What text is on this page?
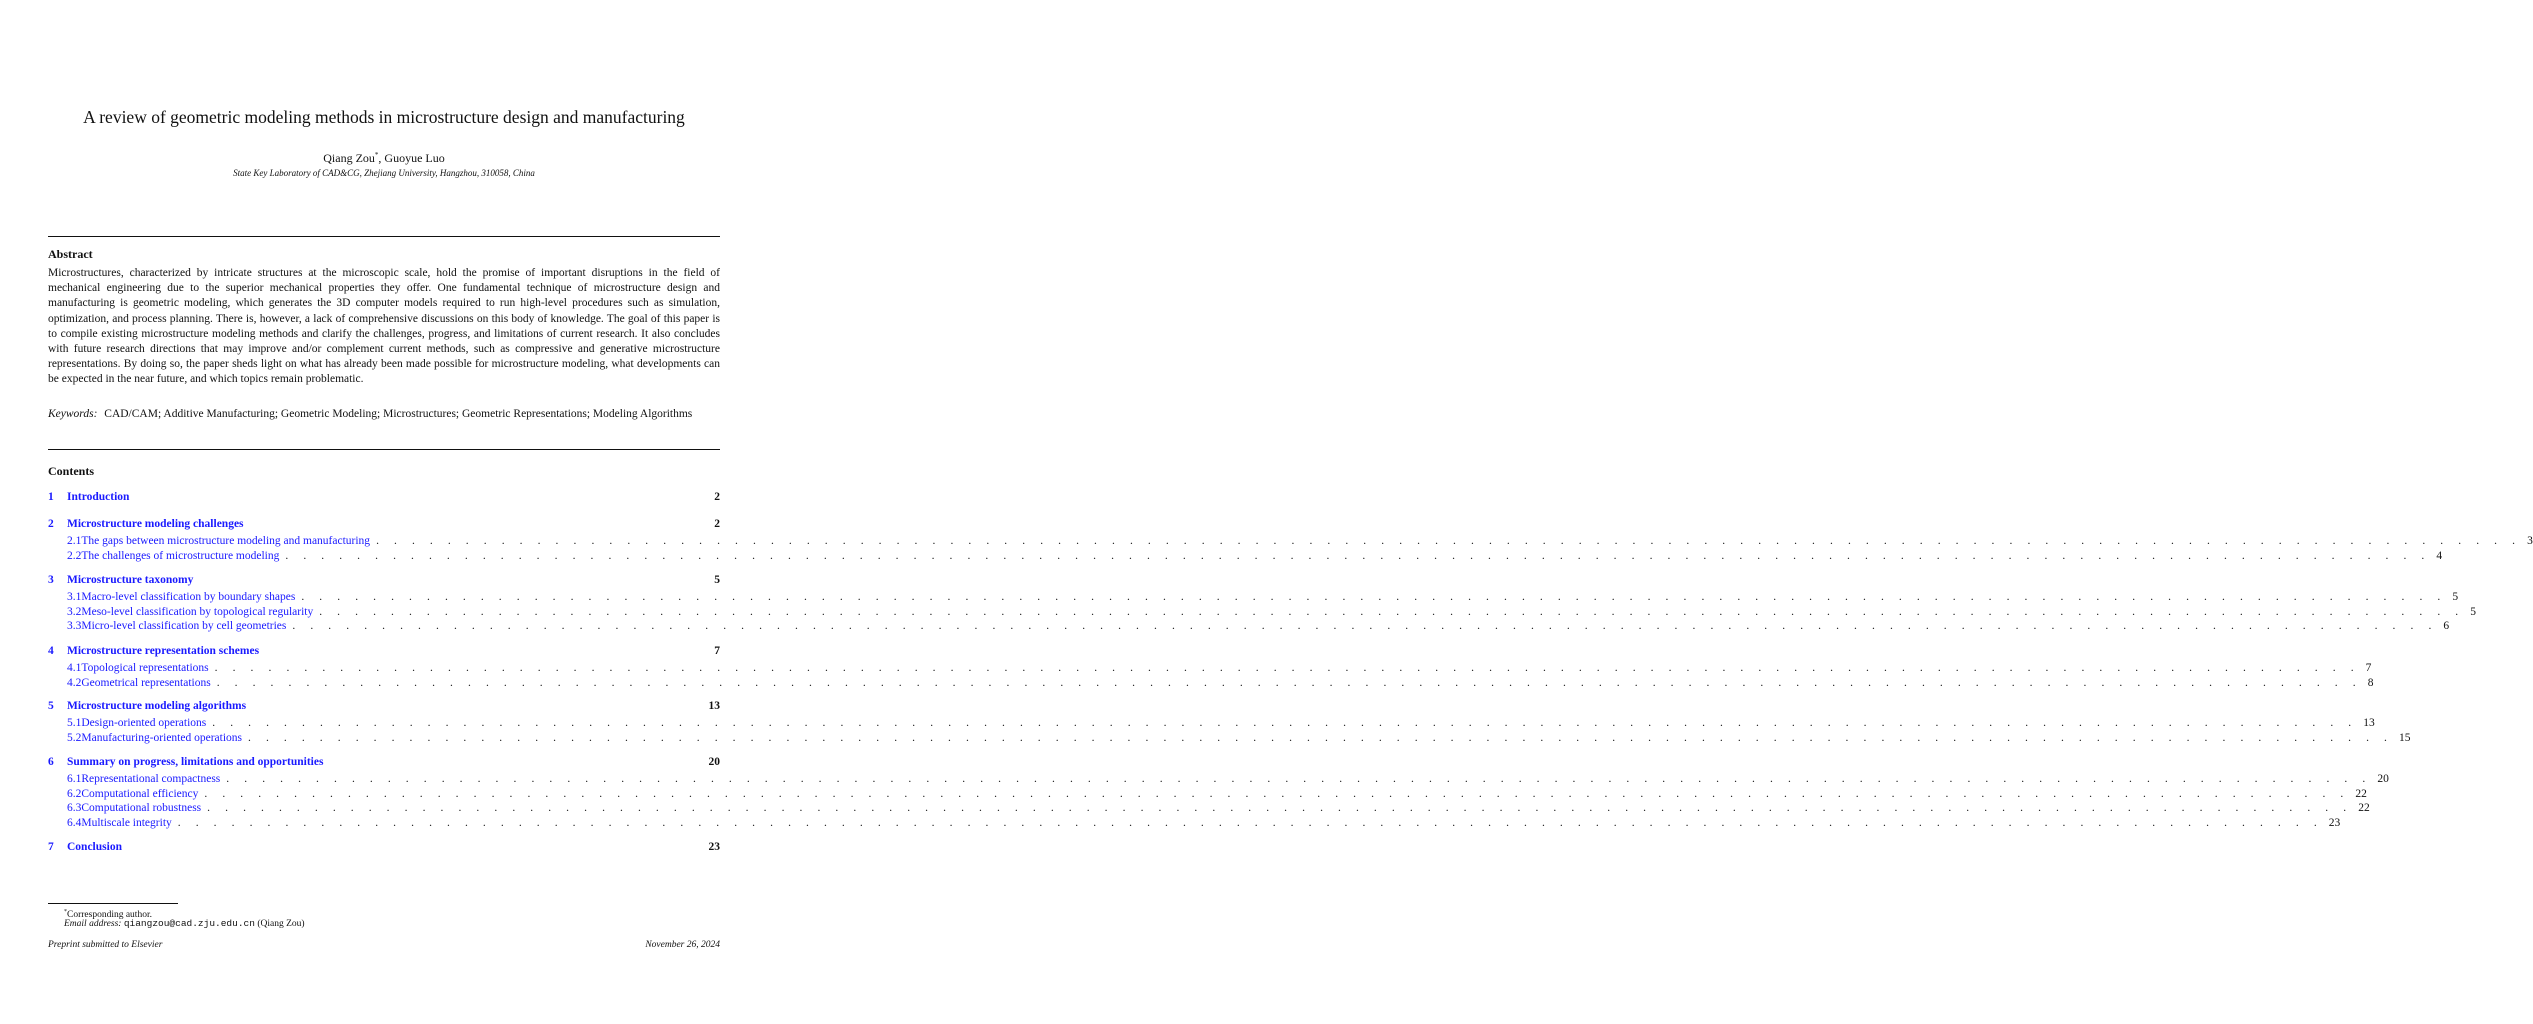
A review of geometric modeling methods in microstructure design and manufacturing
Qiang Zou*, Guoyue Luo
State Key Laboratory of CAD&CG, Zhejiang University, Hangzhou, 310058, China
Abstract
Microstructures, characterized by intricate structures at the microscopic scale, hold the promise of important disruptions in the field of mechanical engineering due to the superior mechanical properties they offer. One fundamental technique of microstructure design and manufacturing is geometric modeling, which generates the 3D computer models required to run high-level procedures such as simulation, optimization, and process planning. There is, however, a lack of comprehensive discussions on this body of knowledge. The goal of this paper is to compile existing microstructure modeling methods and clarify the challenges, progress, and limitations of current research. It also concludes with future research directions that may improve and/or complement current methods, such as compressive and generative microstructure representations. By doing so, the paper sheds light on what has already been made possible for microstructure modeling, what developments can be expected in the near future, and which topics remain problematic.
Keywords: CAD/CAM; Additive Manufacturing; Geometric Modeling; Microstructures; Geometric Representations; Modeling Algorithms
Contents
1	Introduction	2
2	Microstructure modeling challenges	2
2.1 The gaps between microstructure modeling and manufacturing . . . . . . . . . . . . . . . . . . . . . . . . . . . . . . . . . . . . . . . . . . . . . . . . . . . . . . . . . . . . . . . . . . . . . . . . . . . . . . . . . . . . . . . . . . . . . . . . . . . . . . . . . . . . . . . . . . . . . . . . 3
2.2 The challenges of microstructure modeling . . . . . . . . . . . . . . . . . . . . . . . . . . . . . . . . . . . . . . . . . . . . . . . . . . . . . . . . . . . . . . . . . . . . . . . . . . . . . . . . . . . . . . . . . . . . . . . . . . . . . . . . . . . . . . . . . . . . . . . . 4
3	Microstructure taxonomy	5
3.1 Macro-level classification by boundary shapes . . . . . . . . . . . . . . . . . . . . . . . . . . . . . . . . . . . . . . . . . . . . . . . . . . . . . . . . . . . . . . . . . . . . . . . . . . . . . . . . . . . . . . . . . . . . . . . . . . . . . . . . . . . . . . . . . . . . . . . . 5
3.2 Meso-level classification by topological regularity . . . . . . . . . . . . . . . . . . . . . . . . . . . . . . . . . . . . . . . . . . . . . . . . . . . . . . . . . . . . . . . . . . . . . . . . . . . . . . . . . . . . . . . . . . . . . . . . . . . . . . . . . . . . . . . . . . . . . . . . 5
3.3 Micro-level classification by cell geometries . . . . . . . . . . . . . . . . . . . . . . . . . . . . . . . . . . . . . . . . . . . . . . . . . . . . . . . . . . . . . . . . . . . . . . . . . . . . . . . . . . . . . . . . . . . . . . . . . . . . . . . . . . . . . . . . . . . . . . . . 6
4	Microstructure representation schemes	7
4.1 Topological representations . . . . . . . . . . . . . . . . . . . . . . . . . . . . . . . . . . . . . . . . . . . . . . . . . . . . . . . . . . . . . . . . . . . . . . . . . . . . . . . . . . . . . . . . . . . . . . . . . . . . . . . . . . . . . . . . . . . . . . . . 7
4.2 Geometrical representations . . . . . . . . . . . . . . . . . . . . . . . . . . . . . . . . . . . . . . . . . . . . . . . . . . . . . . . . . . . . . . . . . . . . . . . . . . . . . . . . . . . . . . . . . . . . . . . . . . . . . . . . . . . . . . . . . . . . . . . . 8
5	Microstructure modeling algorithms	13
5.1 Design-oriented operations . . . . . . . . . . . . . . . . . . . . . . . . . . . . . . . . . . . . . . . . . . . . . . . . . . . . . . . . . . . . . . . . . . . . . . . . . . . . . . . . . . . . . . . . . . . . . . . . . . . . . . . . . . . . . . . . . . . . . . . . 13
5.2 Manufacturing-oriented operations . . . . . . . . . . . . . . . . . . . . . . . . . . . . . . . . . . . . . . . . . . . . . . . . . . . . . . . . . . . . . . . . . . . . . . . . . . . . . . . . . . . . . . . . . . . . . . . . . . . . . . . . . . . . . . . . . . . . . . . . 15
6	Summary on progress, limitations and opportunities	20
6.1 Representational compactness . . . . . . . . . . . . . . . . . . . . . . . . . . . . . . . . . . . . . . . . . . . . . . . . . . . . . . . . . . . . . . . . . . . . . . . . . . . . . . . . . . . . . . . . . . . . . . . . . . . . . . . . . . . . . . . . . . . . . . . . 20
6.2 Computational efficiency . . . . . . . . . . . . . . . . . . . . . . . . . . . . . . . . . . . . . . . . . . . . . . . . . . . . . . . . . . . . . . . . . . . . . . . . . . . . . . . . . . . . . . . . . . . . . . . . . . . . . . . . . . . . . . . . . . . . . . . . 22
6.3 Computational robustness . . . . . . . . . . . . . . . . . . . . . . . . . . . . . . . . . . . . . . . . . . . . . . . . . . . . . . . . . . . . . . . . . . . . . . . . . . . . . . . . . . . . . . . . . . . . . . . . . . . . . . . . . . . . . . . . . . . . . . . . 22
6.4 Multiscale integrity . . . . . . . . . . . . . . . . . . . . . . . . . . . . . . . . . . . . . . . . . . . . . . . . . . . . . . . . . . . . . . . . . . . . . . . . . . . . . . . . . . . . . . . . . . . . . . . . . . . . . . . . . . . . . . . . . . . . . . . . 23
7	Conclusion	23
*Corresponding author.
Email address: qiangzou@cad.zju.edu.cn (Qiang Zou)
Preprint submitted to Elsevier	November 26, 2024
